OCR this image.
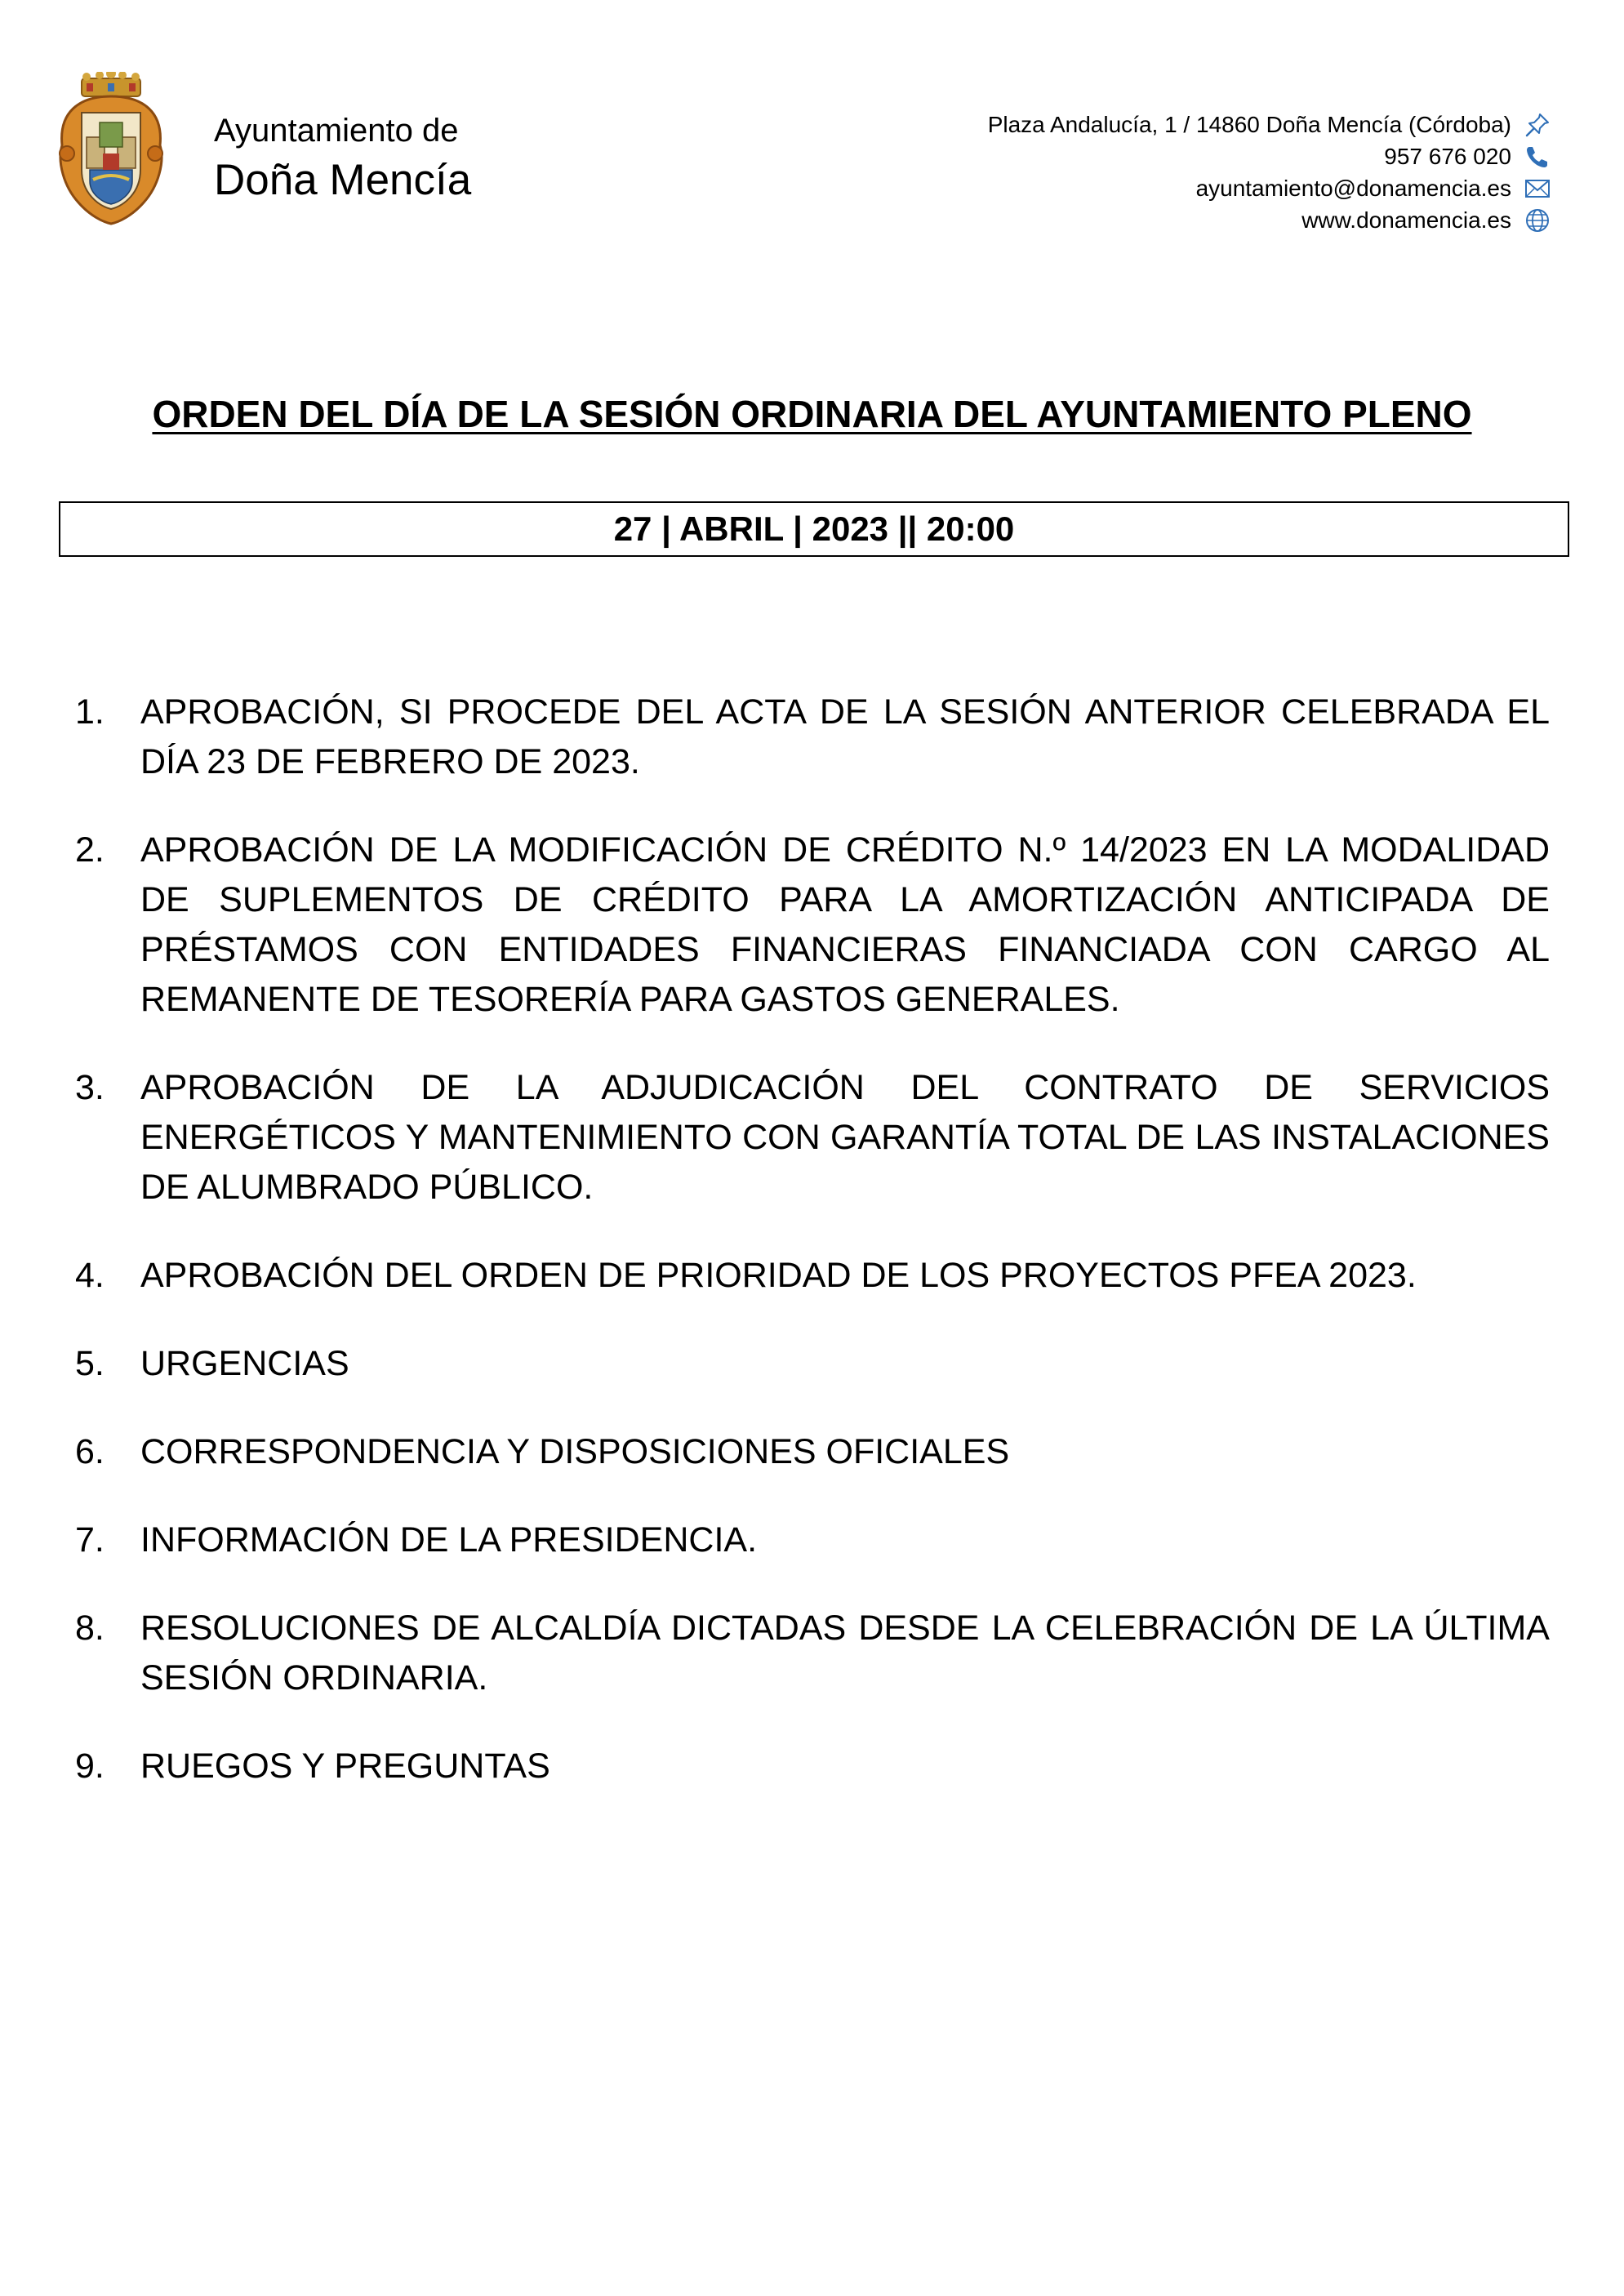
Ayuntamiento de
Doña Mencía
Plaza Andalucía, 1 / 14860 Doña Mencía (Córdoba)
957 676 020
ayuntamiento@donamencia.es
www.donamencia.es
ORDEN DEL DÍA DE LA SESIÓN ORDINARIA DEL AYUNTAMIENTO PLENO
27 | ABRIL | 2023 || 20:00
1.	APROBACIÓN, SI PROCEDE DEL ACTA DE LA SESIÓN ANTERIOR CELEBRADA EL DÍA 23 DE FEBRERO DE 2023.
2.	APROBACIÓN DE LA MODIFICACIÓN DE CRÉDITO N.º 14/2023 EN LA MODALIDAD DE SUPLEMENTOS DE CRÉDITO PARA LA AMORTIZACIÓN ANTICIPADA DE PRÉSTAMOS CON ENTIDADES FINANCIERAS FINANCIADA CON CARGO AL REMANENTE DE TESORERÍA PARA GASTOS GENERALES.
3.	APROBACIÓN DE LA ADJUDICACIÓN DEL CONTRATO DE SERVICIOS ENERGÉTICOS Y MANTENIMIENTO CON GARANTÍA TOTAL DE LAS INSTALACIONES DE ALUMBRADO PÚBLICO.
4.	APROBACIÓN DEL ORDEN DE PRIORIDAD DE LOS PROYECTOS PFEA 2023.
5.	URGENCIAS
6.	CORRESPONDENCIA Y DISPOSICIONES OFICIALES
7.	INFORMACIÓN DE LA PRESIDENCIA.
8.	RESOLUCIONES DE ALCALDÍA DICTADAS DESDE LA CELEBRACIÓN DE LA ÚLTIMA SESIÓN ORDINARIA.
9.	RUEGOS Y PREGUNTAS
